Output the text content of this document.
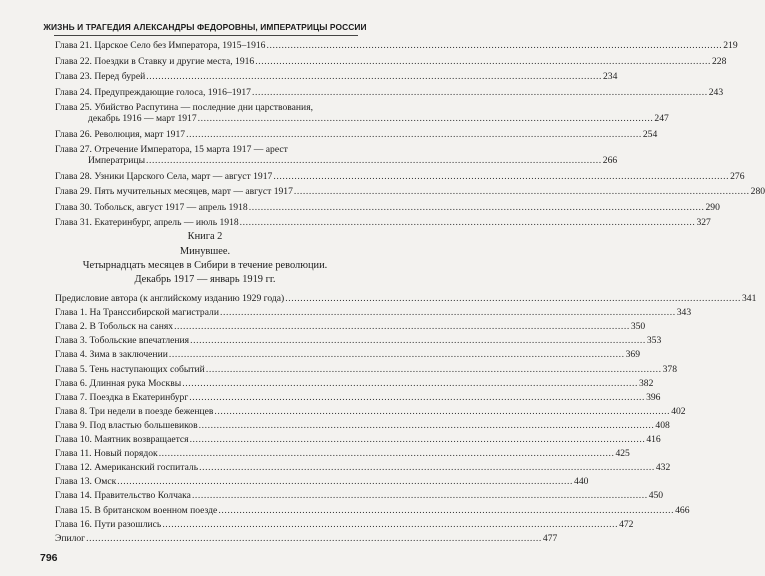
ЖИЗНЬ И ТРАГЕДИЯ АЛЕКСАНДРЫ ФЕДОРОВНЫ, ИМПЕРАТРИЦЫ РОССИИ
Глава 21. Царское Село без Императора, 1915–1916 .....	219
Глава 22. Поездки в Ставку и другие места, 1916 .....	228
Глава 23. Перед бурей .....	234
Глава 24. Предупреждающие голоса, 1916–1917 .....	243
Глава 25. Убийство Распутина — последние дни царствования,
декабрь 1916 — март 1917 .....	247
Глава 26. Революция, март 1917 .....	254
Глава 27. Отречение Императора, 15 марта 1917 — арест
Императрицы .....	266
Глава 28. Узники Царского Села, март — август 1917 .....	276
Глава 29. Пять мучительных месяцев, март — август 1917 .....	280
Глава 30. Тобольск, август 1917 — апрель 1918 .....	290
Глава 31. Екатеринбург, апрель — июль 1918 .....	327
Книга 2
Минувшее.
Четырнадцать месяцев в Сибири в течение революции.
Декабрь 1917 — январь 1919 гг.
Предисловие автора (к английскому изданию 1929 года) .....	341
Глава 1. На Транссибирской магистрали .....	343
Глава 2. В Тобольск на санях .....	350
Глава 3. Тобольские впечатления .....	353
Глава 4. Зима в заключении .....	369
Глава 5. Тень наступающих событий .....	378
Глава 6. Длинная рука Москвы .....	382
Глава 7. Поездка в Екатеринбург .....	396
Глава 8. Три недели в поезде беженцев .....	402
Глава 9. Под властью большевиков .....	408
Глава 10. Маятник возвращается .....	416
Глава 11. Новый порядок .....	425
Глава 12. Американский госпиталь .....	432
Глава 13. Омск .....	440
Глава 14. Правительство Колчака .....	450
Глава 15. В британском военном поезде .....	466
Глава 16. Пути разошлись .....	472
Эпилог .....	477
796
